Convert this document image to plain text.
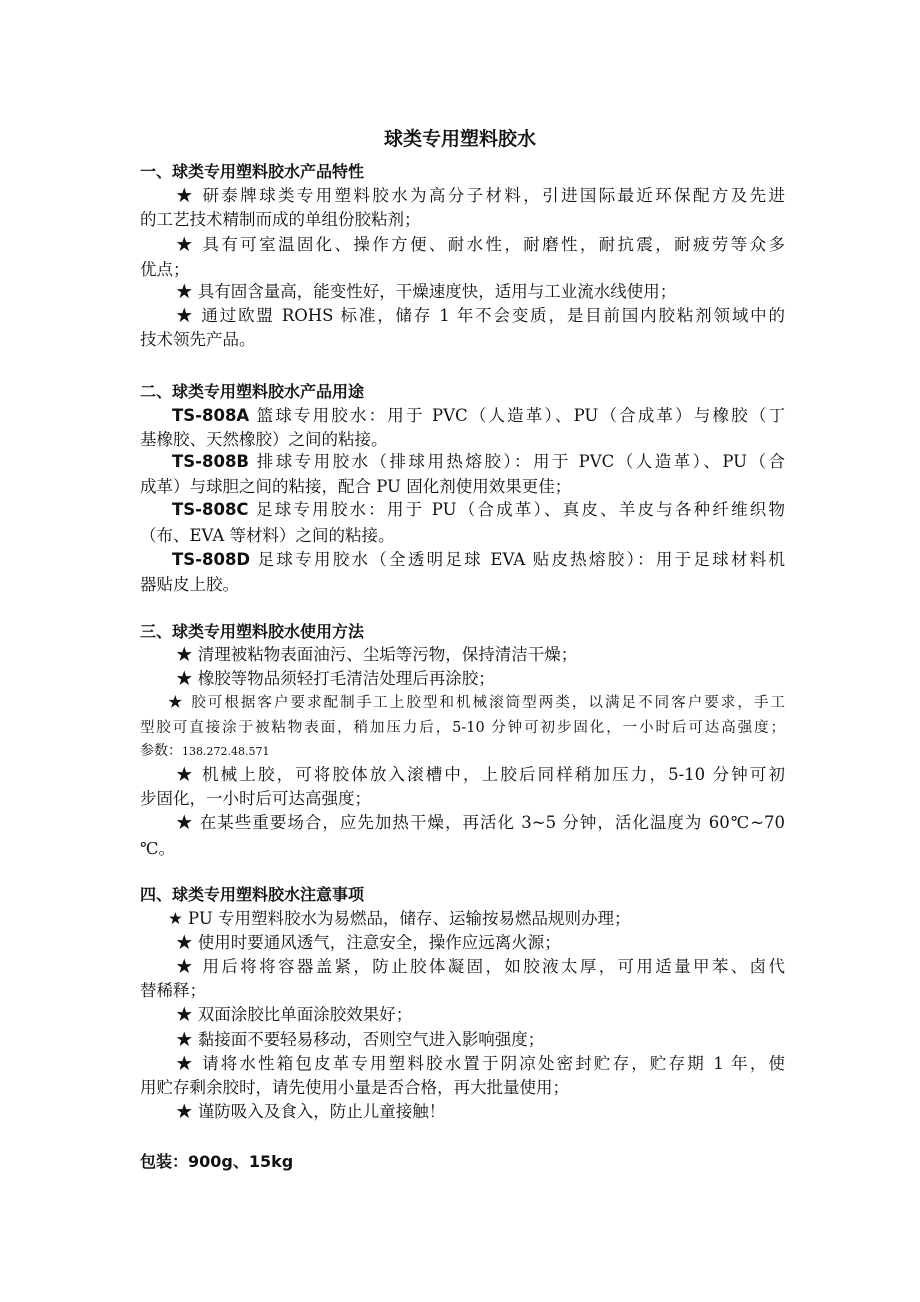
球类专用塑料胶水
一、球类专用塑料胶水产品特性
★ 研泰牌球类专用塑料胶水为高分子材料，引进国际最近环保配方及先进
的工艺技术精制而成的单组份胶粘剂；
★ 具有可室温固化、操作方便、耐水性，耐磨性，耐抗震，耐疲劳等众多
优点；
★ 具有固含量高，能变性好，干燥速度快，适用与工业流水线使用；
★ 通过欧盟 ROHS 标准，储存 1 年不会变质，是目前国内胶粘剂领域中的
技术领先产品。
二、球类专用塑料胶水产品用途
TS-808A 篮球专用胶水：用于 PVC（人造革）、PU（合成革）与橡胶（丁
基橡胶、天然橡胶）之间的粘接。
TS-808B 排球专用胶水（排球用热熔胶）：用于 PVC（人造革）、PU（合
成革）与球胆之间的粘接，配合 PU 固化剂使用效果更佳；
TS-808C 足球专用胶水：用于 PU（合成革）、真皮、羊皮与各种纤维织物
（布、EVA 等材料）之间的粘接。
TS-808D 足球专用胶水（全透明足球 EVA 贴皮热熔胶）：用于足球材料机
器贴皮上胶。
三、球类专用塑料胶水使用方法
★ 清理被粘物表面油污、尘垢等污物，保持清洁干燥；
★ 橡胶等物品须轻打毛清洁处理后再涂胶；
★ 胶可根据客户要求配制手工上胶型和机械滚筒型两类，以满足不同客户要求，手工
型胶可直接涂于被粘物表面，稍加压力后，5-10 分钟可初步固化，一小时后可达高强度；
参数：138.272.48.571
★ 机械上胶，可将胶体放入滚槽中，上胶后同样稍加压力，5-10 分钟可初
步固化，一小时后可达高强度；
★ 在某些重要场合，应先加热干燥，再活化 3~5 分钟，活化温度为 60℃~70
℃。
四、球类专用塑料胶水注意事项
★ PU 专用塑料胶水为易燃品，储存、运输按易燃品规则办理；
★ 使用时要通风透气，注意安全，操作应远离火源；
★ 用后将将容器盖紧，防止胶体凝固，如胶液太厚，可用适量甲苯、卤代
替稀释；
★ 双面涂胶比单面涂胶效果好；
★ 黏接面不要轻易移动，否则空气进入影响强度；
★ 请将水性箱包皮革专用塑料胶水置于阴凉处密封贮存，贮存期 1 年，使
用贮存剩余胶时，请先使用小量是否合格，再大批量使用；
★ 谨防吸入及食入，防止儿童接触！
包装：900g、15kg
